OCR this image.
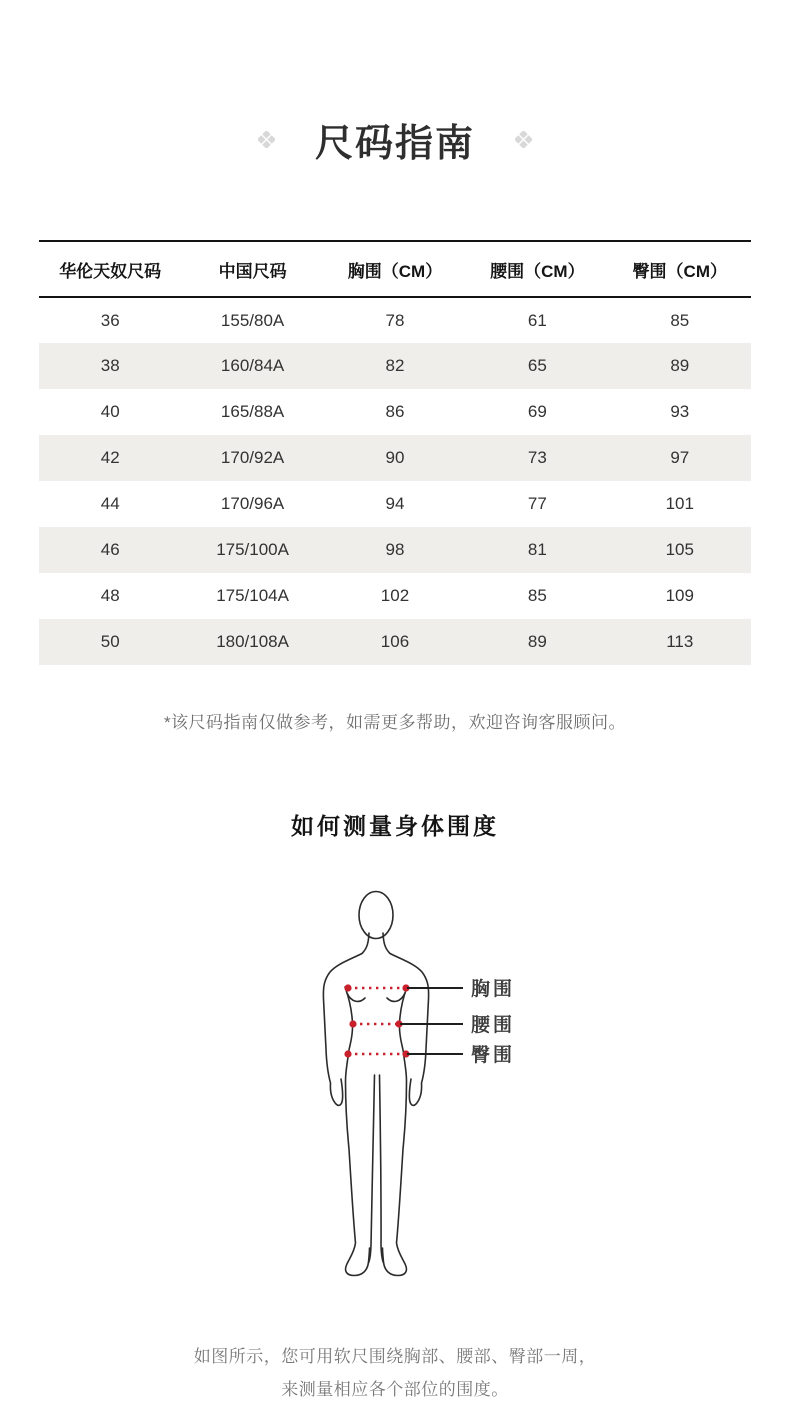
尺码指南
华伦天奴尺码	中国尺码	胸围（CM）	腰围（CM）	臀围（CM）
36	155/80A	78	61	85
38	160/84A	82	65	89
40	165/88A	86	69	93
42	170/92A	90	73	97
44	170/96A	94	77	101
46	175/100A	98	81	105
48	175/104A	102	85	109
50	180/108A	106	89	113
*该尺码指南仅做参考，如需更多帮助，欢迎咨询客服顾问。
如何测量身体围度
胸围
腰围
臀围
如图所示，您可用软尺围绕胸部、腰部、臀部一周，
来测量相应各个部位的围度。
